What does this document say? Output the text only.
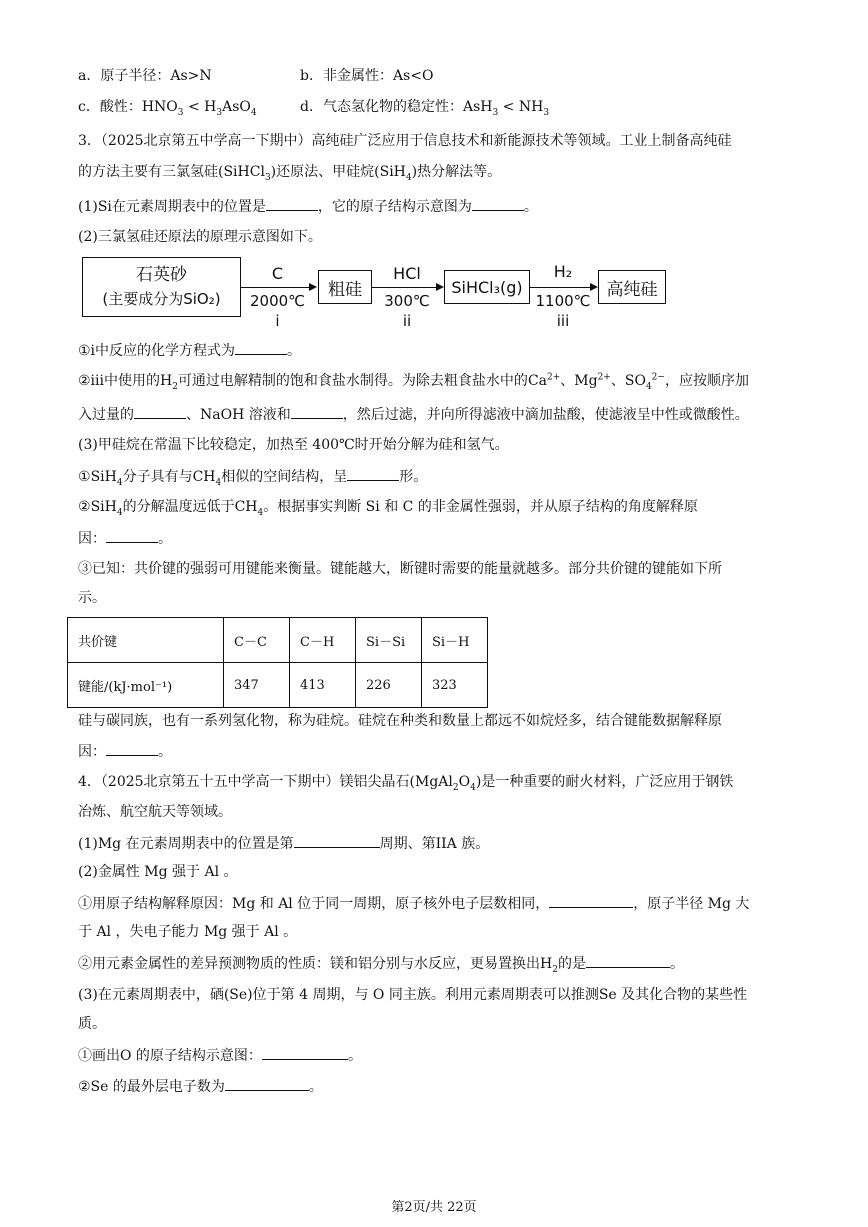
a．原子半径：As>N	b．非金属性：As<O
c．酸性：$HNO_3 < H_3AsO_4$	d．气态氢化物的稳定性：$AsH_3 < NH_3$
3．（2025北京第五中学高一下期中）高纯硅广泛应用于信息技术和新能源技术等领域。工业上制备高纯硅
的方法主要有三氯氢硅(SiHCl$_3$)还原法、甲硅烷(SiH$_4$)热分解法等。
(1)Si在元素周期表中的位置是	，它的原子结构示意图为	。
(2)三氯氢硅还原法的原理示意图如下。
石英砂
(主要成分为SiO₂)
C
2000℃
i
粗硅
HCl
300℃
ii
SiHCl₃(g)
H₂
1100℃
iii
高纯硅
①i中反应的化学方程式为	。
②iii中使用的$H_2$可通过电解精制的饱和食盐水制得。为除去粗食盐水中的$Ca^{2+}$、$Mg^{2+}$、$SO_4^{2-}$，应按顺序加
入过量的	、NaOH 溶液和	，然后过滤，并向所得滤液中滴加盐酸，使滤液呈中性或微酸性。
(3)甲硅烷在常温下比较稳定，加热至 400℃时开始分解为硅和氢气。
①SiH$_4$分子具有与$CH_4$相似的空间结构，呈	形。
②SiH$_4$的分解温度远低于$CH_4$。根据事实判断 Si 和 C 的非金属性强弱，并从原子结构的角度解释原
因：	。
③已知：共价键的强弱可用键能来衡量。键能越大，断键时需要的能量就越多。部分共价键的键能如下所
示。
共价键	C－C	C－H	Si－Si	Si－H
键能/(kJ·mol⁻¹)	347	413	226	323
硅与碳同族，也有一系列氢化物，称为硅烷。硅烷在种类和数量上都远不如烷烃多，结合键能数据解释原
因：	。
4．（2025北京第五十五中学高一下期中）镁铝尖晶石$(MgAl_2O_4)$是一种重要的耐火材料，广泛应用于钢铁
冶炼、航空航天等领域。
(1)Mg 在元素周期表中的位置是第	周期、第IIA 族。
(2)金属性 Mg 强于 Al 。
①用原子结构解释原因：Mg 和 Al 位于同一周期，原子核外电子层数相同，	，原子半径 Mg 大
于 Al ，失电子能力 Mg 强于 Al 。
②用元素金属性的差异预测物质的性质：镁和铝分别与水反应，更易置换出$H_2$的是	。
(3)在元素周期表中，硒(Se)位于第 4 周期，与 O 同主族。利用元素周期表可以推测Se 及其化合物的某些性
质。
①画出O 的原子结构示意图：	。
②Se 的最外层电子数为	。
第2页/共 22页
